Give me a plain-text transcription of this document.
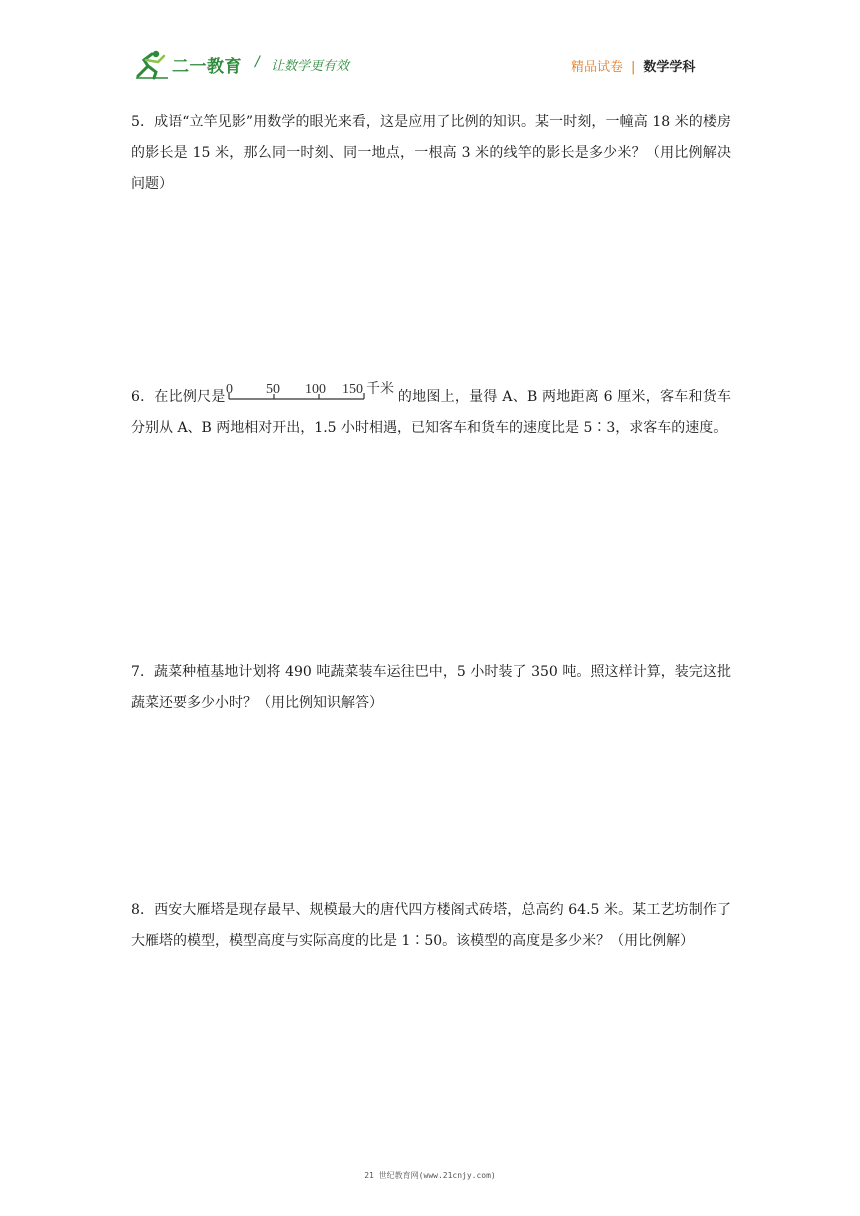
二一教育 / 让数学更有效	精品试卷 | 数学学科

5．成语“立竿见影”用数学的眼光来看，这是应用了比例的知识。某一时刻，一幢高 18 米的楼房的影长是 15 米，那么同一时刻、同一地点，一根高 3 米的线竿的影长是多少米？（用比例解决问题）

6．在比例尺是 0 50 100 150 千米 的地图上，量得 A、B 两地距离 6 厘米，客车和货车分别从 A、B 两地相对开出，1.5 小时相遇，已知客车和货车的速度比是 5∶3，求客车的速度。

7．蔬菜种植基地计划将 490 吨蔬菜装车运往巴中，5 小时装了 350 吨。照这样计算，装完这批蔬菜还要多少小时？（用比例知识解答）

8．西安大雁塔是现存最早、规模最大的唐代四方楼阁式砖塔，总高约 64.5 米。某工艺坊制作了大雁塔的模型，模型高度与实际高度的比是 1∶50。该模型的高度是多少米？（用比例解）

21 世纪教育网(www.21cnjy.com)
